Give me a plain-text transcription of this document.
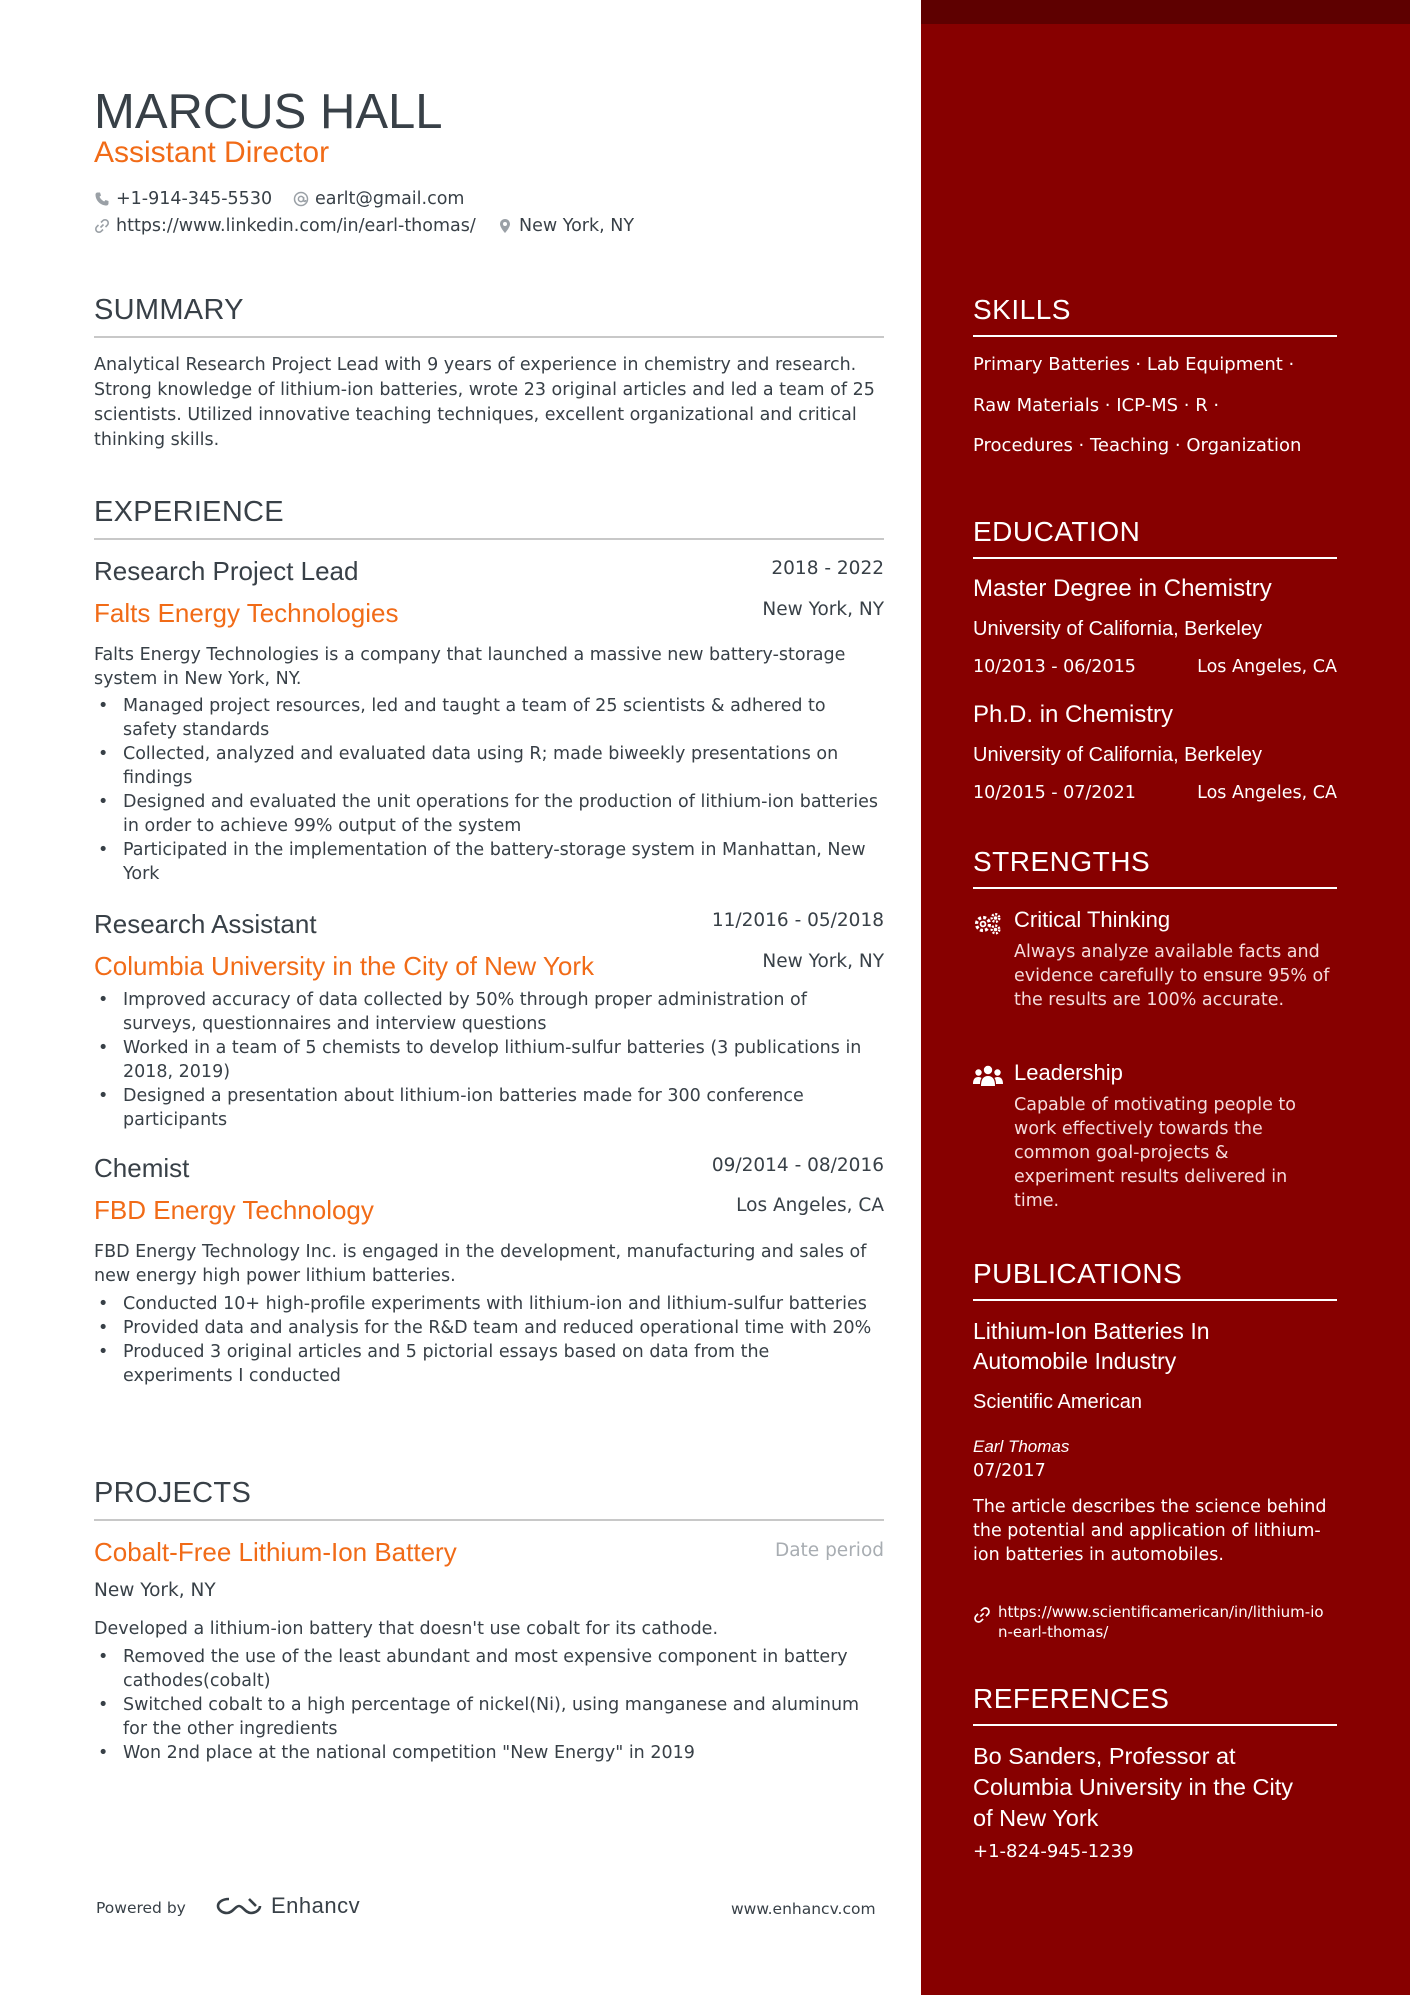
MARCUS HALL
Assistant Director
+1-914-345-5530 earlt@gmail.com
https://www.linkedin.com/in/earl-thomas/ New York, NY
SUMMARY
Analytical Research Project Lead with 9 years of experience in chemistry and research. Strong knowledge of lithium-ion batteries, wrote 23 original articles and led a team of 25 scientists. Utilized innovative teaching techniques, excellent organizational and critical thinking skills.
EXPERIENCE
Research Project Lead	2018 - 2022
Falts Energy Technologies	New York, NY
Falts Energy Technologies is a company that launched a massive new battery-storage system in New York, NY.
• Managed project resources, led and taught a team of 25 scientists & adhered to safety standards
• Collected, analyzed and evaluated data using R; made biweekly presentations on findings
• Designed and evaluated the unit operations for the production of lithium-ion batteries in order to achieve 99% output of the system
• Participated in the implementation of the battery-storage system in Manhattan, New York
Research Assistant	11/2016 - 05/2018
Columbia University in the City of New York	New York, NY
• Improved accuracy of data collected by 50% through proper administration of surveys, questionnaires and interview questions
• Worked in a team of 5 chemists to develop lithium-sulfur batteries (3 publications in 2018, 2019)
• Designed a presentation about lithium-ion batteries made for 300 conference participants
Chemist	09/2014 - 08/2016
FBD Energy Technology	Los Angeles, CA
FBD Energy Technology Inc. is engaged in the development, manufacturing and sales of new energy high power lithium batteries.
• Conducted 10+ high-profile experiments with lithium-ion and lithium-sulfur batteries
• Provided data and analysis for the R&D team and reduced operational time with 20%
• Produced 3 original articles and 5 pictorial essays based on data from the experiments I conducted
PROJECTS
Cobalt-Free Lithium-Ion Battery	Date period
New York, NY
Developed a lithium-ion battery that doesn't use cobalt for its cathode.
• Removed the use of the least abundant and most expensive component in battery cathodes(cobalt)
• Switched cobalt to a high percentage of nickel(Ni), using manganese and aluminum for the other ingredients
• Won 2nd place at the national competition "New Energy" in 2019
Powered by	Enhancv	www.enhancv.com
SKILLS
Primary Batteries · Lab Equipment ·
Raw Materials · ICP-MS · R ·
Procedures · Teaching · Organization
EDUCATION
Master Degree in Chemistry
University of California, Berkeley
10/2013 - 06/2015	Los Angeles, CA
Ph.D. in Chemistry
University of California, Berkeley
10/2015 - 07/2021	Los Angeles, CA
STRENGTHS
Critical Thinking
Always analyze available facts and evidence carefully to ensure 95% of the results are 100% accurate.
Leadership
Capable of motivating people to work effectively towards the common goal-projects & experiment results delivered in time.
PUBLICATIONS
Lithium-Ion Batteries In Automobile Industry
Scientific American
Earl Thomas
07/2017
The article describes the science behind the potential and application of lithium-ion batteries in automobiles.
https://www.scientificamerican/in/lithium-ion-earl-thomas/
REFERENCES
Bo Sanders, Professor at Columbia University in the City of New York
+1-824-945-1239
